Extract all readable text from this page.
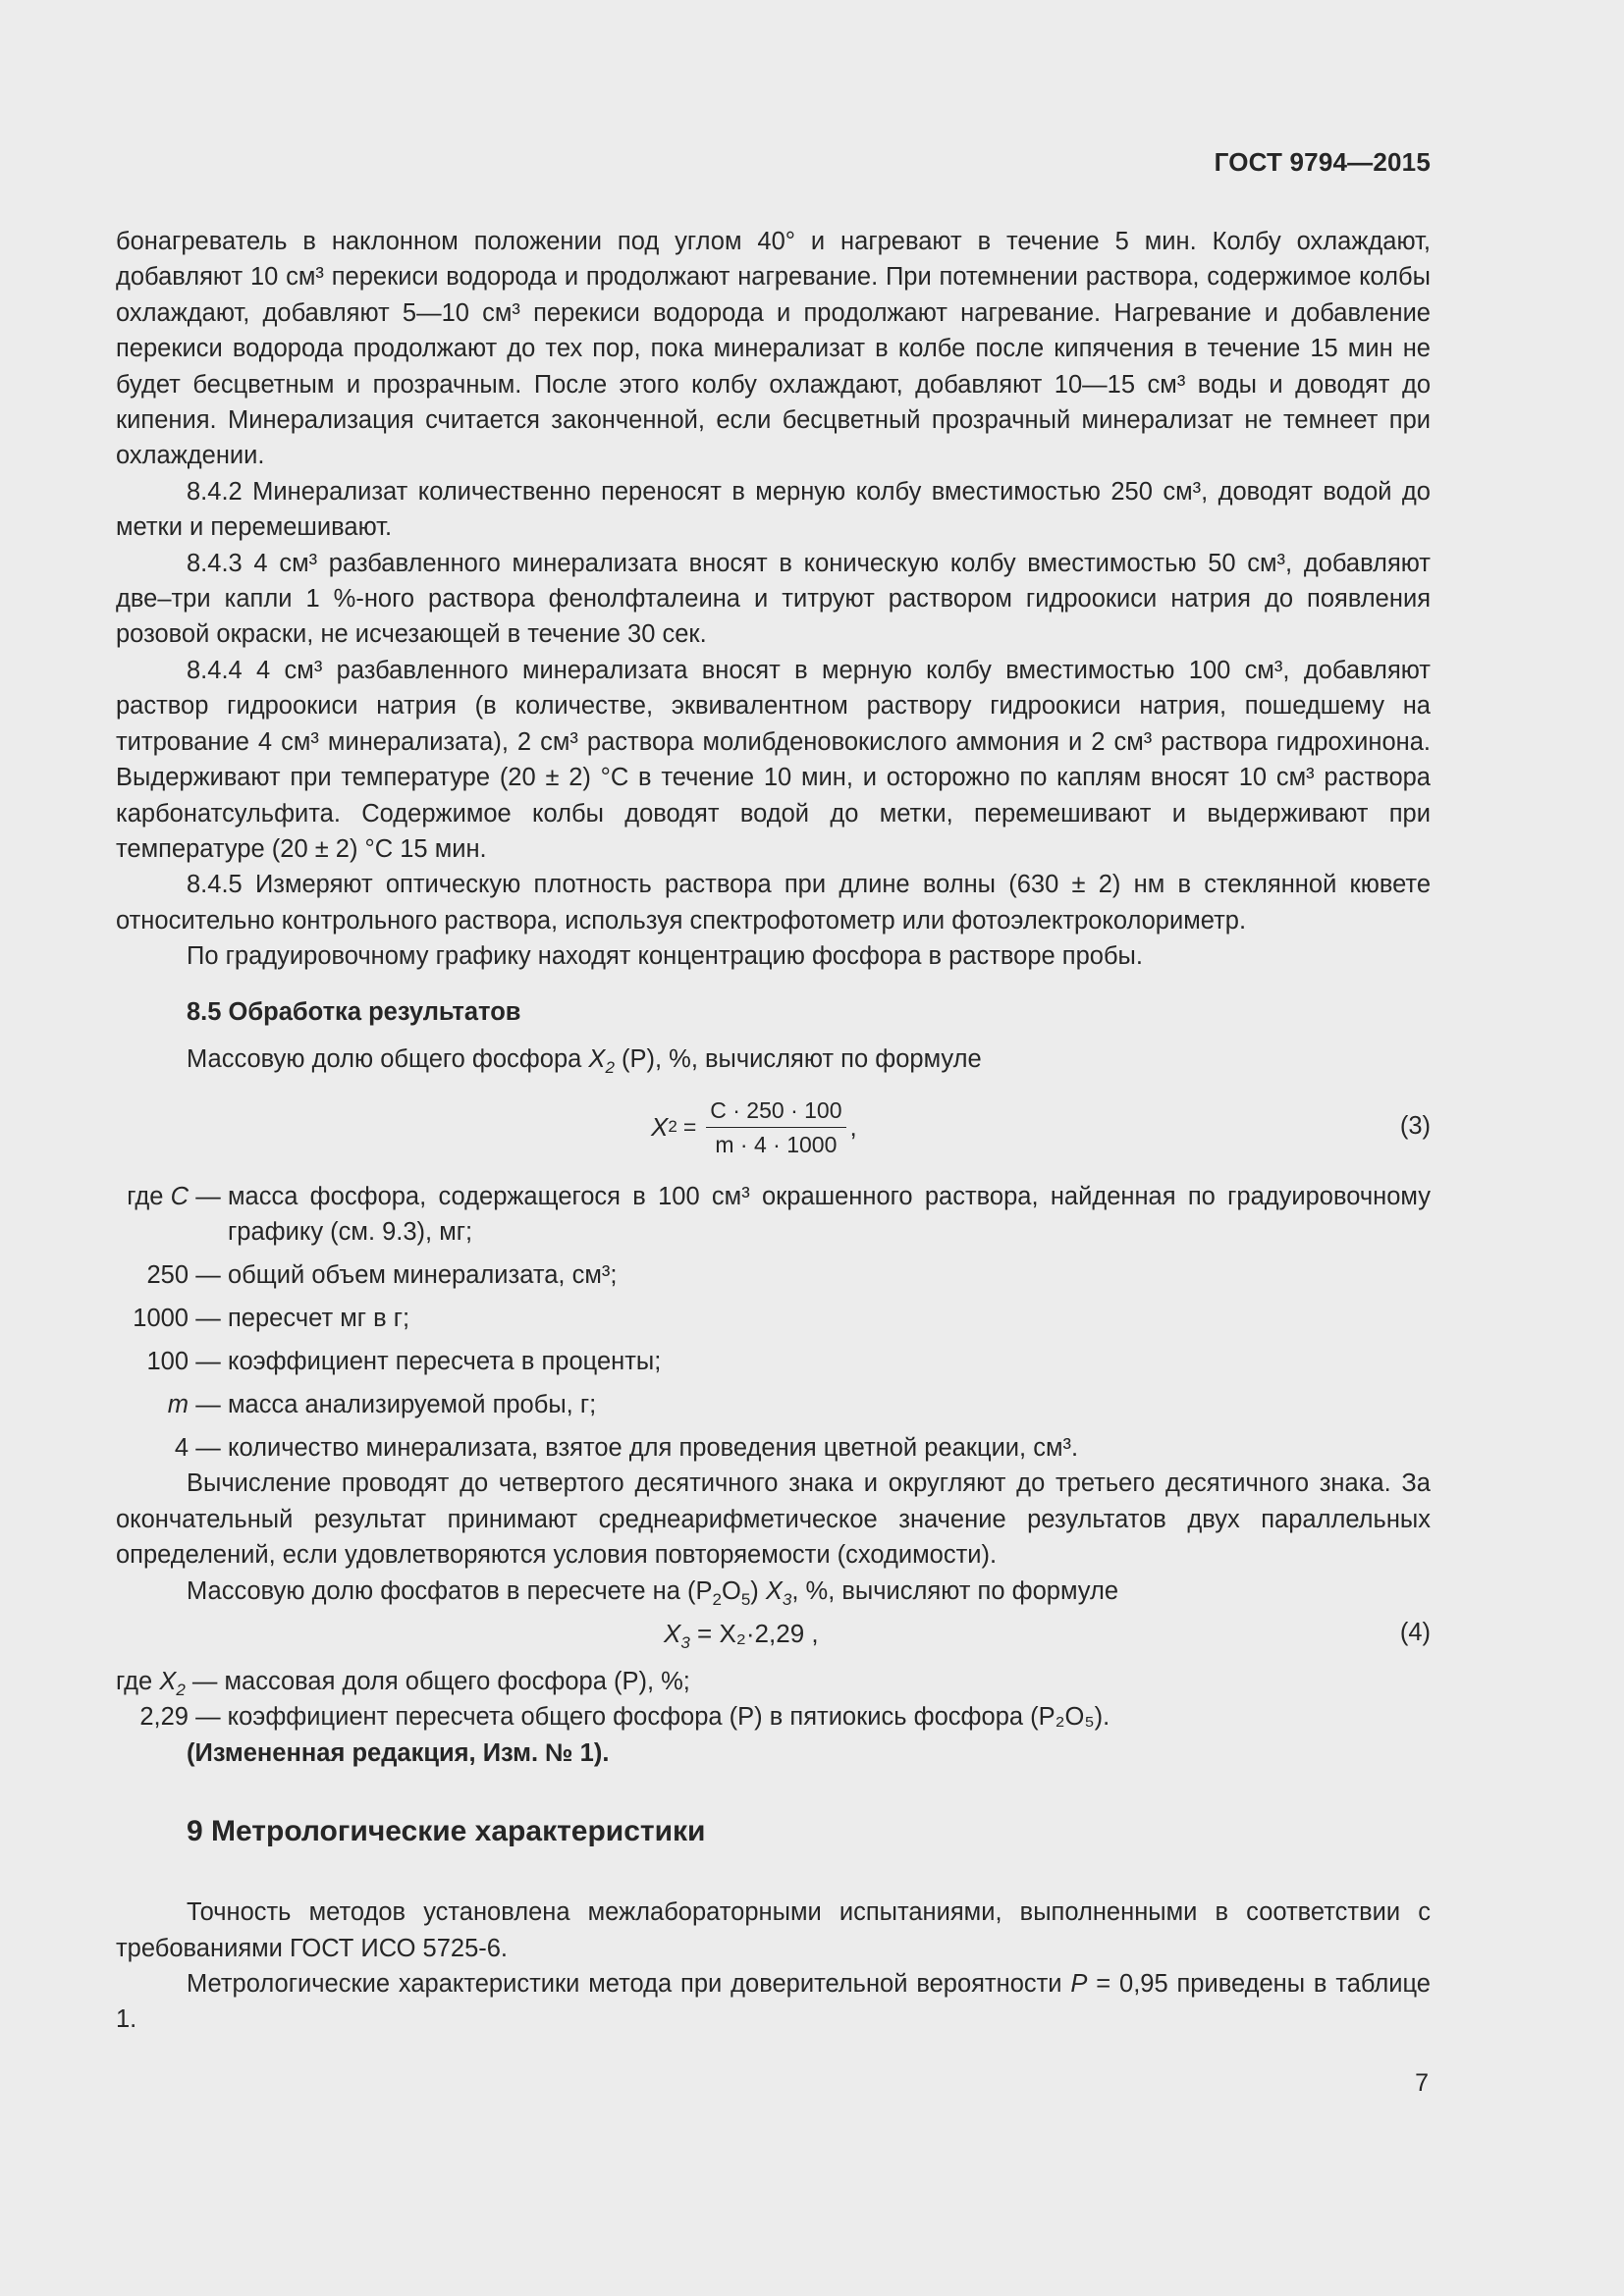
ГОСТ 9794—2015

бонагреватель в наклонном положении под углом 40° и нагревают в течение 5 мин. Колбу охлаждают, добавляют 10 см³ перекиси водорода и продолжают нагревание. При потемнении раствора, содержимое колбы охлаждают, добавляют 5—10 см³ перекиси водорода и продолжают нагревание. Нагревание и добавление перекиси водорода продолжают до тех пор, пока минерализат в колбе после кипячения в течение 15 мин не будет бесцветным и прозрачным. После этого колбу охлаждают, добавляют 10—15 см³ воды и доводят до кипения. Минерализация считается законченной, если бесцветный прозрачный минерализат не темнеет при охлаждении.

8.4.2 Минерализат количественно переносят в мерную колбу вместимостью 250 см³, доводят водой до метки и перемешивают.

8.4.3 4 см³ разбавленного минерализата вносят в коническую колбу вместимостью 50 см³, добавляют две–три капли 1 %-ного раствора фенолфталеина и титруют раствором гидроокиси натрия до появления розовой окраски, не исчезающей в течение 30 сек.

8.4.4 4 см³ разбавленного минерализата вносят в мерную колбу вместимостью 100 см³, добавляют раствор гидроокиси натрия (в количестве, эквивалентном раствору гидроокиси натрия, пошедшему на титрование 4 см³ минерализата), 2 см³ раствора молибденовокислого аммония и 2 см³ раствора гидрохинона. Выдерживают при температуре (20 ± 2) °С в течение 10 мин, и осторожно по каплям вносят 10 см³ раствора карбонатсульфита. Содержимое колбы доводят водой до метки, перемешивают и выдерживают при температуре (20 ± 2) °С 15 мин.

8.4.5 Измеряют оптическую плотность раствора при длине волны (630 ± 2) нм в стеклянной кювете относительно контрольного раствора, используя спектрофотометр или фотоэлектроколориметр.

По градуировочному графику находят концентрацию фосфора в растворе пробы.

8.5 Обработка результатов

Массовую долю общего фосфора $X_2$ (Р), %, вычисляют по формуле

X $2 = \frac{C \cdot 250 \cdot 100}{m \cdot 4 \cdot 1000}$ ,	(3)
где C — масса фосфора, содержащегося в 100 см³ окрашенного раствора, найденная по градуировочному графику (см. 9.3), мг;
250 — общий объем минерализата, см³;
1000 — пересчет мг в г;
100 — коэффициент пересчета в проценты;
m — масса анализируемой пробы, г;
4 — количество минерализата, взятое для проведения цветной реакции, см³.

Вычисление проводят до четвертого десятичного знака и округляют до третьего десятичного знака. За окончательный результат принимают среднеарифметическое значение результатов двух параллельных определений, если удовлетворяются условия повторяемости (сходимости).

Массовую долю фосфатов в пересчете на $(P_2O_5)$ $X_3$, %, вычисляют по формуле

$X_3 = X_2\cdot 2,29$ ,	(4)
где
$X_2$
— массовая доля общего фосфора (Р), %;
2,29
— коэффициент пересчета общего фосфора (Р) в пятиокись фосфора (P₂O₅).
(Измененная редакция, Изм. № 1).
9 Метрологические характеристики

Точность методов установлена межлабораторными испытаниями, выполненными в соответствии с требованиями ГОСТ ИСО 5725-6.

Метрологические характеристики метода при доверительной вероятности P = 0,95 приведены в таблице 1.

7
